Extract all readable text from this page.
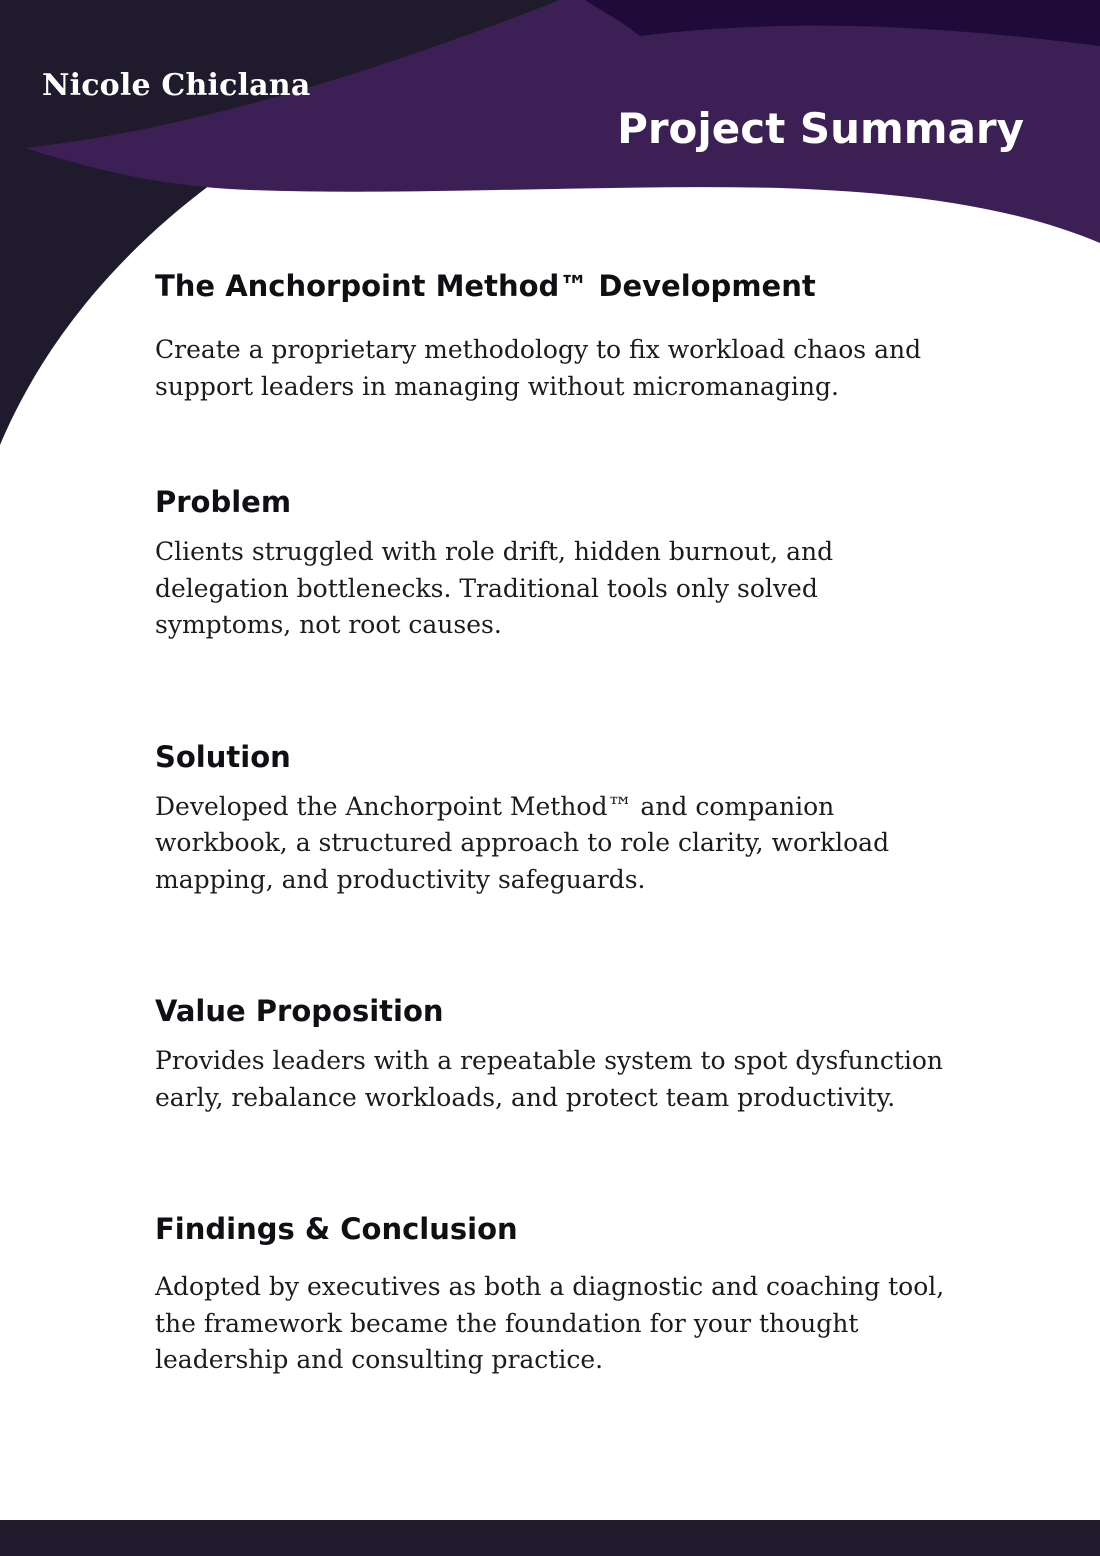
Nicole Chiclana
Project Summary
The Anchorpoint Method™ Development

Create a proprietary methodology to fix workload chaos and support leaders in managing without micromanaging.

Problem

Clients struggled with role drift, hidden burnout, and delegation bottlenecks. Traditional tools only solved symptoms, not root causes.

Solution

Developed the Anchorpoint Method™ and companion workbook, a structured approach to role clarity, workload mapping, and productivity safeguards.

Value Proposition

Provides leaders with a repeatable system to spot dysfunction early, rebalance workloads, and protect team productivity.

Findings & Conclusion

Adopted by executives as both a diagnostic and coaching tool, the framework became the foundation for your thought leadership and consulting practice.
